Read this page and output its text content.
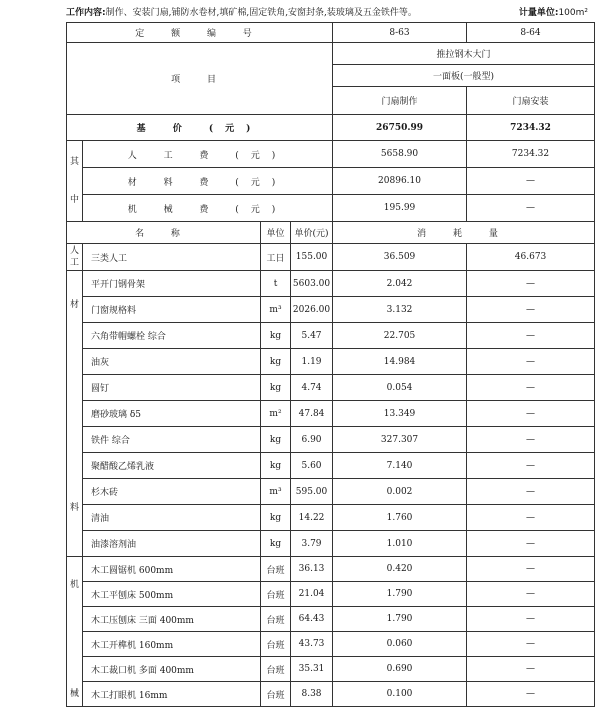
工作内容:制作、安装门扇,铺防水卷材,填矿棉,固定铁角,安窗封条,装玻璃及五金铁件等。	计量单位:100m²
定 额 编 号				8-63	8-64
项 目				推拉钢木大门	
				一面板(一般型)	
				门扇制作	门扇安装
基 价 (元)				26750.99	7234.32

其
中	人 工 费 (元)			5658.90	7234.32
	材 料 费 (元)			20896.10	—
	机 械 费 (元)			195.99	—
名 称		单位	单价(元)	消 耗 量	

人
工	三类人工	工日	155.00	36.509	46.673

材
料	平开门钢骨架	t	5603.00	2.042	—
	门窗规格料	m³	2026.00	3.132	—
	六角带帽螺栓 综合	kg	5.47	22.705	—
	油灰	kg	1.19	14.984	—
	圆钉	kg	4.74	0.054	—
	磨砂玻璃 δ5	m²	47.84	13.349	—
	铁件 综合	kg	6.90	327.307	—
	聚醋酸乙烯乳液	kg	5.60	7.140	—
	杉木砖	m³	595.00	0.002	—
	清油	kg	14.22	1.760	—
	油漆溶剂油	kg	3.79	1.010	—

机
械	木工圆锯机 600mm	台班	36.13	0.420	—
	木工平刨床 500mm	台班	21.04	1.790	—
	木工压刨床 三面 400mm	台班	64.43	1.790	—
	木工开榫机 160mm	台班	43.73	0.060	—
	木工裁口机 多面 400mm	台班	35.31	0.690	—
	木工打眼机 16mm	台班	8.38	0.100	—
